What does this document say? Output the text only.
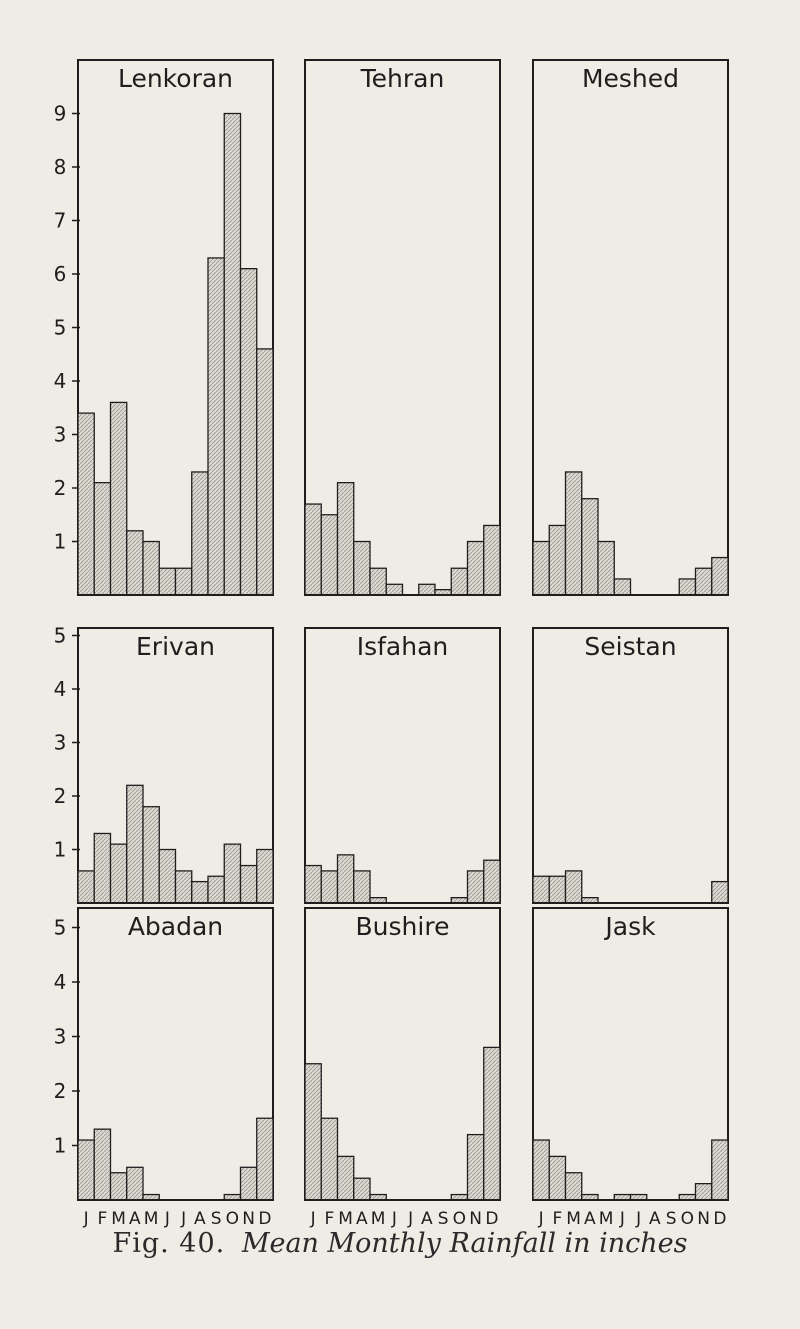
1
2
3
4
5
6
7
8
9
1
2
3
4
5
1
2
3
4
5
Lenkoran	Tehran	Meshed
Erivan	Isfahan	Seistan
Abadan	Bushire	Jask
J F M A M J J A S O N D J F M A M J J A S O N D J F M A M J J A S O N D
Fig. 40. Mean Monthly Rainfall in inches
